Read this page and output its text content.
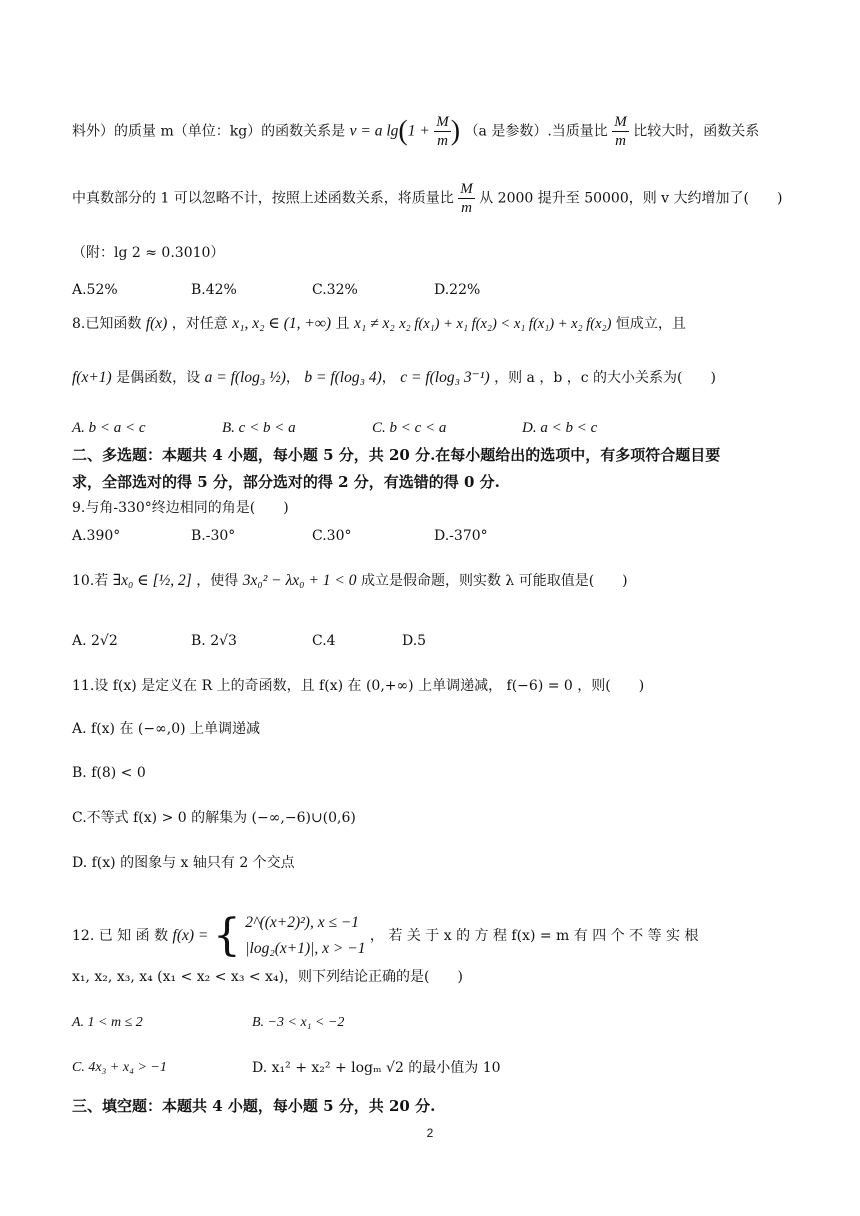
料外）的质量 m（单位：kg）的函数关系是 v = a $\lg(1 + \frac{M}{m}$ ) （a 是参数）.当质量比 $\frac{M}{m}$ 比较大时，函数关系
中真数部分的 1 可以忽略不计，按照上述函数关系，将质量比 $\frac{M}{m}$ 从 2000 提升至 50000，则 v 大约增加了(　　)
（附：lg 2 ≈ 0.3010）
A.52%	B.42%	C.32%	D.22%
8.已知函数 f(x) ，对任意 x₁, x₂ ∈ (1, +∞) 且 x₁ ≠ x₂ x₂ f(x₁) + x₁ f(x₂) < x₁ f(x₁) + x₂ f(x₂) 恒成立，且
f(x+1) 是偶函数，设 a = f(log₃ ½)， b = f(log₃ 4)， c = f(log₃ 3⁻¹) ，则 a ，b ，c 的大小关系为(　　)
A. b < a < c	B. c < b < a	C. b < c < a	D. a < b < c
二、多选题：本题共 4 小题，每小题 5 分，共 20 分.在每小题给出的选项中，有多项符合题目要
求，全部选对的得 5 分，部分选对的得 2 分，有选错的得 0 分.
9.与角-330°终边相同的角是(　　)
A.390°	B.-30°	C.30°	D.-370°
10.若 ∃x₀ ∈ [½, 2] ，使得 3x₀² − λx₀ + 1 < 0 成立是假命题，则实数 λ 可能取值是(　　)
A. 2√2	B. 2√3	C.4	D.5
11.设 f(x) 是定义在 R 上的奇函数，且 f(x) 在 (0,+∞) 上单调递减， f(−6) = 0 ，则(　　)
A. f(x) 在 (−∞,0) 上单调递减
B. f(8) < 0
C.不等式 f(x) > 0 的解集为 (−∞,−6)∪(0,6)
D. f(x) 的图象与 x 轴只有 2 个交点
12. 已 知 函 数 f(x) = { 2^((x+2)²), x ≤ −1
|log₂(x+1)|, x > −1
， 若 关 于 x 的 方 程 f(x) = m 有 四 个 不 等 实 根
x₁, x₂, x₃, x₄ (x₁ < x₂ < x₃ < x₄)，则下列结论正确的是(　　)
A. 1 < m ≤ 2	B. −3 < x₁ < −2
C. 4x₃ + x₄ > −1	D. x₁² + x₂² + logₘ √2 的最小值为 10
三、填空题：本题共 4 小题，每小题 5 分，共 20 分.
2
